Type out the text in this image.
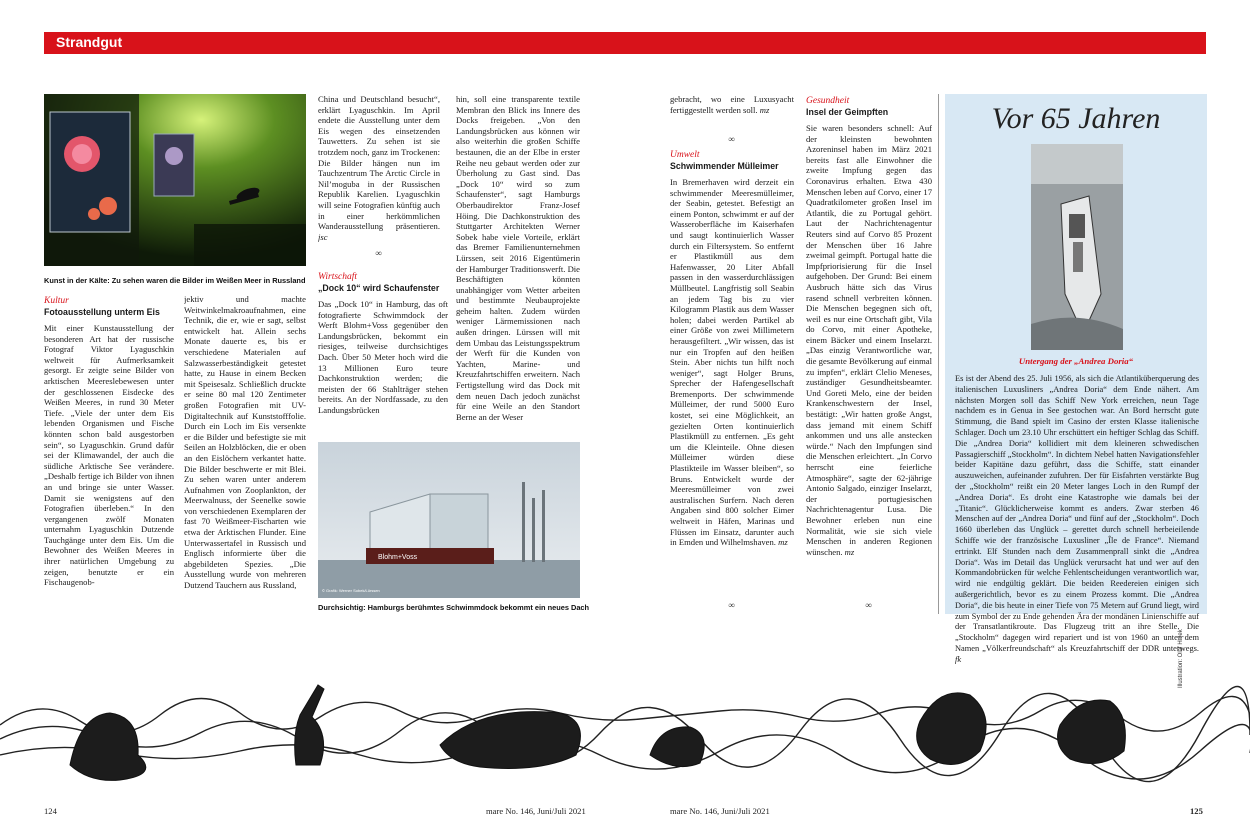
Strandgut
Kunst in der Kälte: Zu sehen waren die Bilder im Weißen Meer in Russland
Kultur
Fotoausstellung unterm Eis

Mit einer Kunstausstellung der besonderen Art hat der russische Fotograf Viktor Lyaguschkin weltweit für Aufmerksamkeit gesorgt. Er zeigte seine Bilder von arktischen Meereslebewesen unter der geschlossenen Eisdecke des Weißen Meeres, in rund 30 Meter Tiefe. „Viele der unter dem Eis lebenden Organismen und Fische könnten schon bald ausgestorben sein“, so Lyaguschkin. Grund dafür sei der Klimawandel, der auch die südliche Arktische See verändere. „Deshalb fertige ich Bilder von ihnen an und bringe sie unter Wasser. Damit sie wenigstens auf den Fotografien überleben.“ In den vergangenen zwölf Monaten unternahm Lyaguschkin Dutzende Tauchgänge unter dem Eis. Um die Bewohner des Weißen Meeres in ihrer natürlichen Umgebung zu zeigen, benutzte er ein Fischaugenob-

jektiv und machte Weitwinkelmakroaufnahmen, eine Technik, die er, wie er sagt, selbst entwickelt hat. Allein sechs Monate dauerte es, bis er verschiedene Materialen auf Salzwasserbeständigkeit getestet hatte, zu Hause in einem Becken mit Speisesalz. Schließlich druckte er seine 80 mal 120 Zentimeter großen Fotografien mit UV-Digitaltechnik auf Kunststofffolie. Durch ein Loch im Eis versenkte er die Bilder und befestigte sie mit Seilen an Holzblöcken, die er oben an den Eislöchern verkantet hatte. Die Bilder beschwerte er mit Blei. Zu sehen waren unter anderem Aufnahmen von Zooplankton, der Meerwalnuss, der Seenelke sowie von verschiedenen Exemplaren der fast 70 Weißmeer-Fischarten wie etwa der Arktischen Flunder. Eine Unterwassertafel in Russisch und Englisch informierte über die abgebildeten Spezies. „Die Ausstellung wurde von mehreren Dutzend Tauchern aus Russland,

China und Deutschland besucht“, erklärt Lyaguschkin. Im April endete die Ausstellung unter dem Eis wegen des einsetzenden Tauwetters. Zu sehen ist sie trotzdem noch, ganz im Trockenen: Die Bilder hängen nun im Tauchzentrum The Arctic Circle in Nil’moguba in der Russischen Republik Karelien. Lyaguschkin will seine Fotografien künftig auch in einer herkömmlichen Wanderausstellung präsentieren. jsc

∞
Wirtschaft
„Dock 10“ wird Schaufenster

Das „Dock 10“ in Hamburg, das oft fotografierte Schwimmdock der Werft Blohm+Voss gegenüber den Landungsbrücken, bekommt ein riesiges, teilweise durchsichtiges Dach. Über 50 Meter hoch wird die 13 Millionen Euro teure Dachkonstruktion werden; die meisten der 66 Stahlträger stehen bereits. An der Nordfassade, zu den Landungsbrücken

hin, soll eine transparente textile Membran den Blick ins Innere des Docks freigeben. „Von den Landungsbrücken aus können wir also weiterhin die großen Schiffe bestaunen, die an der Elbe in erster Reihe neu gebaut werden oder zur Überholung zu Gast sind. Das „Dock 10“ wird so zum Schaufenster“, sagt Hamburgs Oberbaudirektor Franz-Josef Höing. Die Dachkonstruktion des Stuttgarter Architekten Werner Sobek habe viele Vorteile, erklärt das Bremer Familienunternehmen Lürssen, seit 2016 Eigentümerin der Hamburger Traditionswerft. Die Beschäftigten könnten unabhängiger vom Wetter arbeiten und bestimmte Neubauprojekte geheim halten. Zudem würden weniger Lärmemissionen nach außen dringen. Lürssen will mit dem Umbau das Leistungsspektrum der Werft für die Kunden von Yachten, Marine- und Kreuzfahrtschiffen erweitern. Nach Fertigstellung wird das Dock mit dem neuen Dach jedoch zunächst für eine Weile an den Standort Berne an der Weser

Blohm+Voss
© Grafik: Werner Sobek/Lürssen
Durchsichtig: Hamburgs berühmtes Schwimmdock bekommt ein neues Dach

gebracht, wo eine Luxusyacht fertiggestellt werden soll. mz

∞
Umwelt
Schwimmender Mülleimer

In Bremerhaven wird derzeit ein schwimmender Meeresmülleimer, der Seabin, getestet. Befestigt an einem Ponton, schwimmt er auf der Wasseroberfläche im Kaiserhafen und saugt kontinuierlich Wasser durch ein Filtersystem. So entfernt er Plastikmüll aus dem Hafenwasser, 20 Liter Abfall passen in den wasserdurchlässigen Müllbeutel. Langfristig soll Seabin an jedem Tag bis zu vier Kilogramm Plastik aus dem Wasser holen; dabei werden Partikel ab einer Größe von zwei Millimetern herausgefiltert. „Wir wissen, das ist nur ein Tropfen auf den heißen Stein. Aber nichts tun hilft noch weniger“, sagt Holger Bruns, Sprecher der Hafengesellschaft Bremenports. Der schwimmende Mülleimer, der rund 5000 Euro kostet, sei eine Möglichkeit, an gezielten Orten kontinuierlich Plastikmüll zu entfernen. „Es geht um die Kleinteile. Ohne diesen Mülleimer würden diese Plastikteile im Wasser bleiben“, so Bruns. Entwickelt wurde der Meeresmülleimer von zwei australischen Surfern. Nach deren Angaben sind 800 solcher Eimer weltweit in Häfen, Marinas und Flüssen im Einsatz, darunter auch in Emden und Wilhelmshaven. mz

∞
Gesundheit
Insel der Geimpften

Sie waren besonders schnell: Auf der kleinsten bewohnten Azoreninsel haben im März 2021 bereits fast alle Einwohner die zweite Impfung gegen das Coronavirus erhalten. Etwa 430 Menschen leben auf Corvo, einer 17 Quadratkilometer großen Insel im Atlantik, die zu Portugal gehört. Laut der Nachrichtenagentur Reuters sind auf Corvo 85 Prozent der Menschen über 16 Jahre zweimal geimpft. Portugal hatte die Impfpriorisierung für die Insel aufgehoben. Der Grund: Bei einem Ausbruch hätte sich das Virus rasend schnell verbreiten können. Die Menschen begegnen sich oft, weil es nur eine Ortschaft gibt, Vila do Corvo, mit einer Apotheke, einem Bäcker und einem Inselarzt. „Das einzig Verantwortliche war, die gesamte Bevölkerung auf einmal zu impfen“, erklärt Clelio Meneses, zuständiger Gesundheitsbeamter. Und Goreti Melo, eine der beiden Krankenschwestern der Insel, bestätigt: „Wir hatten große Angst, dass jemand mit einem Schiff ankommen und uns alle anstecken würde.“ Nach den Impfungen sind die Menschen erleichtert. „In Corvo herrscht eine feierliche Atmosphäre“, sagte der 62-jährige Antonio Salgado, einziger Inselarzt, der portugiesischen Nachrichtenagentur Lusa. Die Bewohner erleben nun eine Normalität, wie sie sich viele Menschen in anderen Regionen wünschen. mz

∞
Vor 65 Jahren
Untergang der „Andrea Doria“
Es ist der Abend des 25. Juli 1956, als sich die Atlantiküberquerung des italienischen Luxusliners „Andrea Doria“ dem Ende nähert. Am nächsten Morgen soll das Schiff New York erreichen, neun Tage nachdem es in Genua in See gestochen war. An Bord herrscht gute Stimmung, die Band spielt im Casino der ersten Klasse italienische Schlager. Doch um 23.10 Uhr erschüttert ein heftiger Schlag das Schiff. Die „Andrea Doria“ kollidiert mit dem kleineren schwedischen Passagierschiff „Stockholm“. In dichtem Nebel hatten Navigationsfehler beider Kapitäne dazu geführt, dass die Schiffe, statt einander auszuweichen, aufeinander zufuhren. Der für Eisfahrten verstärkte Bug der „Stockholm“ reißt ein 20 Meter langes Loch in den Rumpf der „Andrea Doria“. Es droht eine Katastrophe wie damals bei der „Titanic“. Glücklicherweise kommt es anders. Zwar sterben 46 Menschen auf der „Andrea Doria“ und fünf auf der „Stockholm“. Doch 1660 überleben das Unglück – gerettet durch schnell herbeieilende Schiffe wie der französische Luxusliner „Île de France“. Niemand ertrinkt. Elf Stunden nach dem Zusammenprall sinkt die „Andrea Doria“. Was im Detail das Unglück verursacht hat und wer auf den Kommandobrücken für welche Fehlentscheidungen verantwortlich war, wird nie endgültig geklärt. Die beiden Reedereien einigen sich außergerichtlich, bevor es zu einem Prozess kommt. Die „Andrea Doria“, die bis heute in einer Tiefe von 75 Metern auf Grund liegt, wird zum Symbol der zu Ende gehenden Ära der mondänen Linienschiffe auf der Transatlantikroute. Das Flugzeug tritt an ihre Stelle. Die „Stockholm“ dagegen wird repariert und ist von 1960 an unter dem Namen „Völkerfreundschaft“ als Kreuzfahrtschiff der DDR unterwegs. fk	Illustration: Olaf Hajek
124	mare No. 146, Juni/Juli 2021	mare No. 146, Juni/Juli 2021	125
